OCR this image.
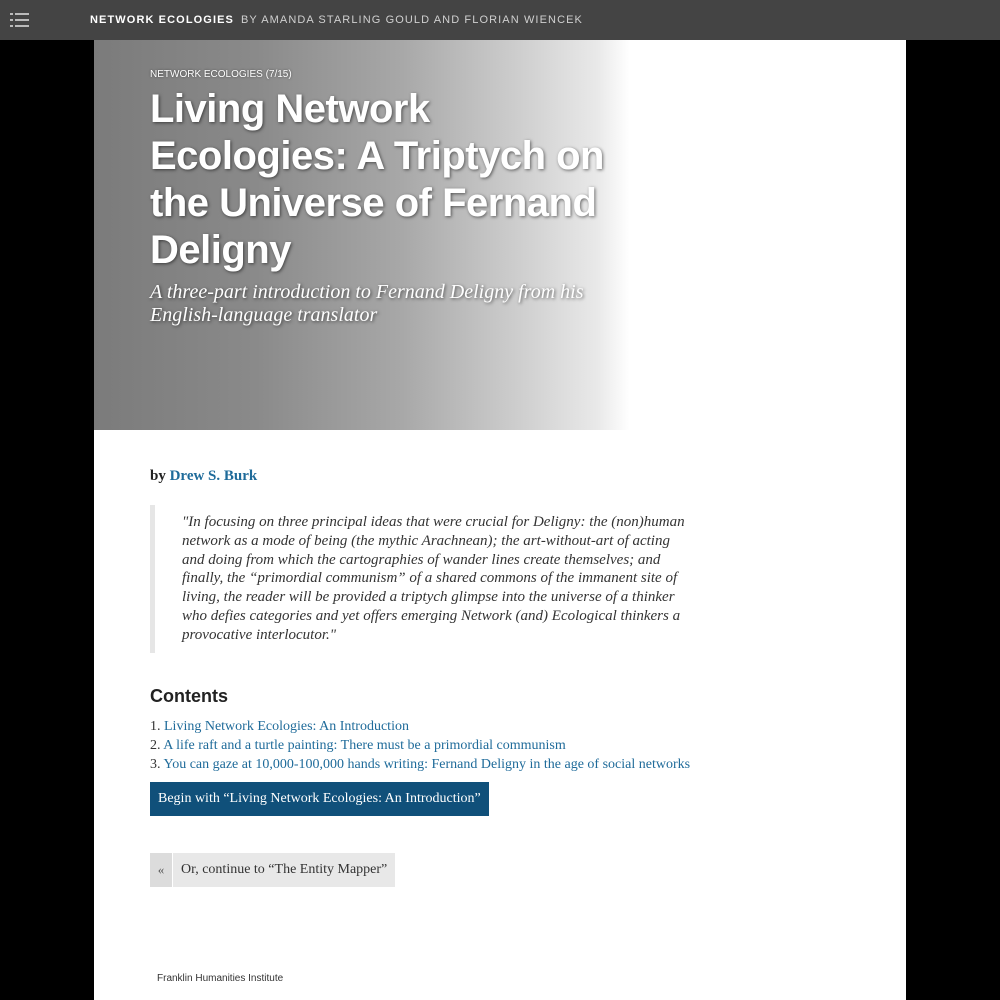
NETWORK ECOLOGIES BY AMANDA STARLING GOULD AND FLORIAN WIENCEK
NETWORK ECOLOGIES (7/15)
Living Network Ecologies: A Triptych on the Universe of Fernand Deligny

A three-part introduction to Fernand Deligny from his English-language translator

by Drew S. Burk
"In focusing on three principal ideas that were crucial for Deligny: the (non)human network as a mode of being (the mythic Arachnean); the art-without-art of acting and doing from which the cartographies of wander lines create themselves; and finally, the “primordial communism” of a shared commons of the immanent site of living, the reader will be provided a triptych glimpse into the universe of a thinker who defies categories and yet offers emerging Network (and) Ecological thinkers a provocative interlocutor."
Contents
1. Living Network Ecologies: An Introduction
2. A life raft and a turtle painting: There must be a primordial communism
3. You can gaze at 10,000-100,000 hands writing: Fernand Deligny in the age of social networks
Begin with “Living Network Ecologies: An Introduction”
«	Or, continue to “The Entity Mapper”
Franklin Humanities Institute
